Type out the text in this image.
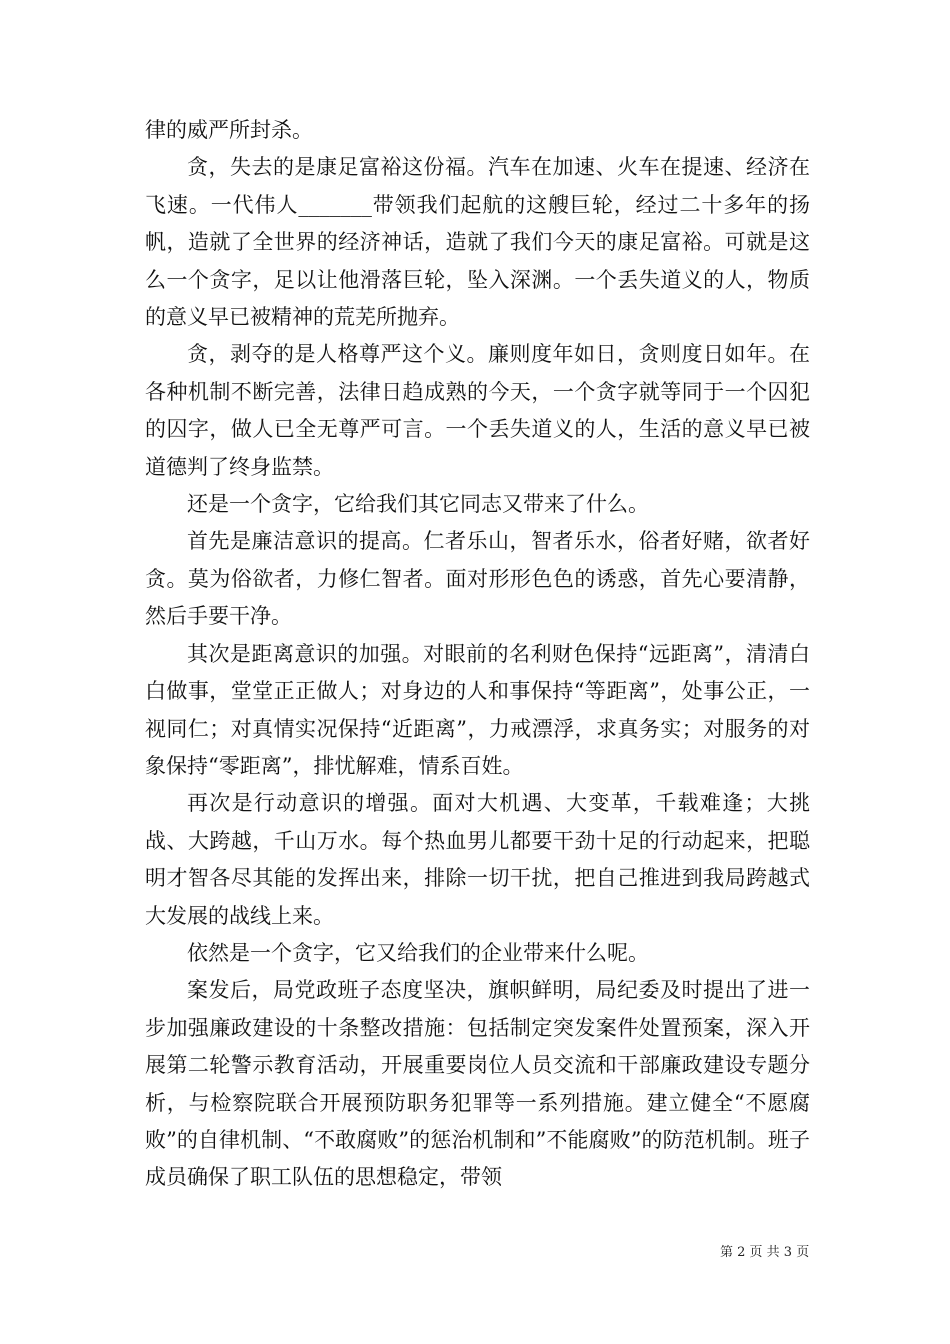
律的威严所封杀。

贪，失去的是康足富裕这份福。汽车在加速、火车在提速、经济在飞速。一代伟人_______带领我们起航的这艘巨轮，经过二十多年的扬帆，造就了全世界的经济神话，造就了我们今天的康足富裕。可就是这么一个贪字，足以让他滑落巨轮，坠入深渊。一个丢失道义的人，物质的意义早已被精神的荒芜所抛弃。

贪，剥夺的是人格尊严这个义。廉则度年如日，贪则度日如年。在各种机制不断完善，法律日趋成熟的今天，一个贪字就等同于一个囚犯的囚字，做人已全无尊严可言。一个丢失道义的人，生活的意义早已被道德判了终身监禁。

还是一个贪字，它给我们其它同志又带来了什么。

首先是廉洁意识的提高。仁者乐山，智者乐水，俗者好赌，欲者好贪。莫为俗欲者，力修仁智者。面对形形色色的诱惑，首先心要清静，然后手要干净。

其次是距离意识的加强。对眼前的名利财色保持“远距离”，清清白白做事，堂堂正正做人；对身边的人和事保持“等距离”，处事公正，一视同仁；对真情实况保持“近距离”，力戒漂浮，求真务实；对服务的对象保持“零距离”，排忧解难，情系百姓。

再次是行动意识的增强。面对大机遇、大变革，千载难逢；大挑战、大跨越，千山万水。每个热血男儿都要干劲十足的行动起来，把聪明才智各尽其能的发挥出来，排除一切干扰，把自己推进到我局跨越式大发展的战线上来。

依然是一个贪字，它又给我们的企业带来什么呢。

案发后，局党政班子态度坚决，旗帜鲜明，局纪委及时提出了进一步加强廉政建设的十条整改措施：包括制定突发案件处置预案，深入开展第二轮警示教育活动，开展重要岗位人员交流和干部廉政建设专题分析，与检察院联合开展预防职务犯罪等一系列措施。建立健全“不愿腐败”的自律机制、“不敢腐败”的惩治机制和”不能腐败”的防范机制。班子成员确保了职工队伍的思想稳定，带领

第 2 页 共 3 页
